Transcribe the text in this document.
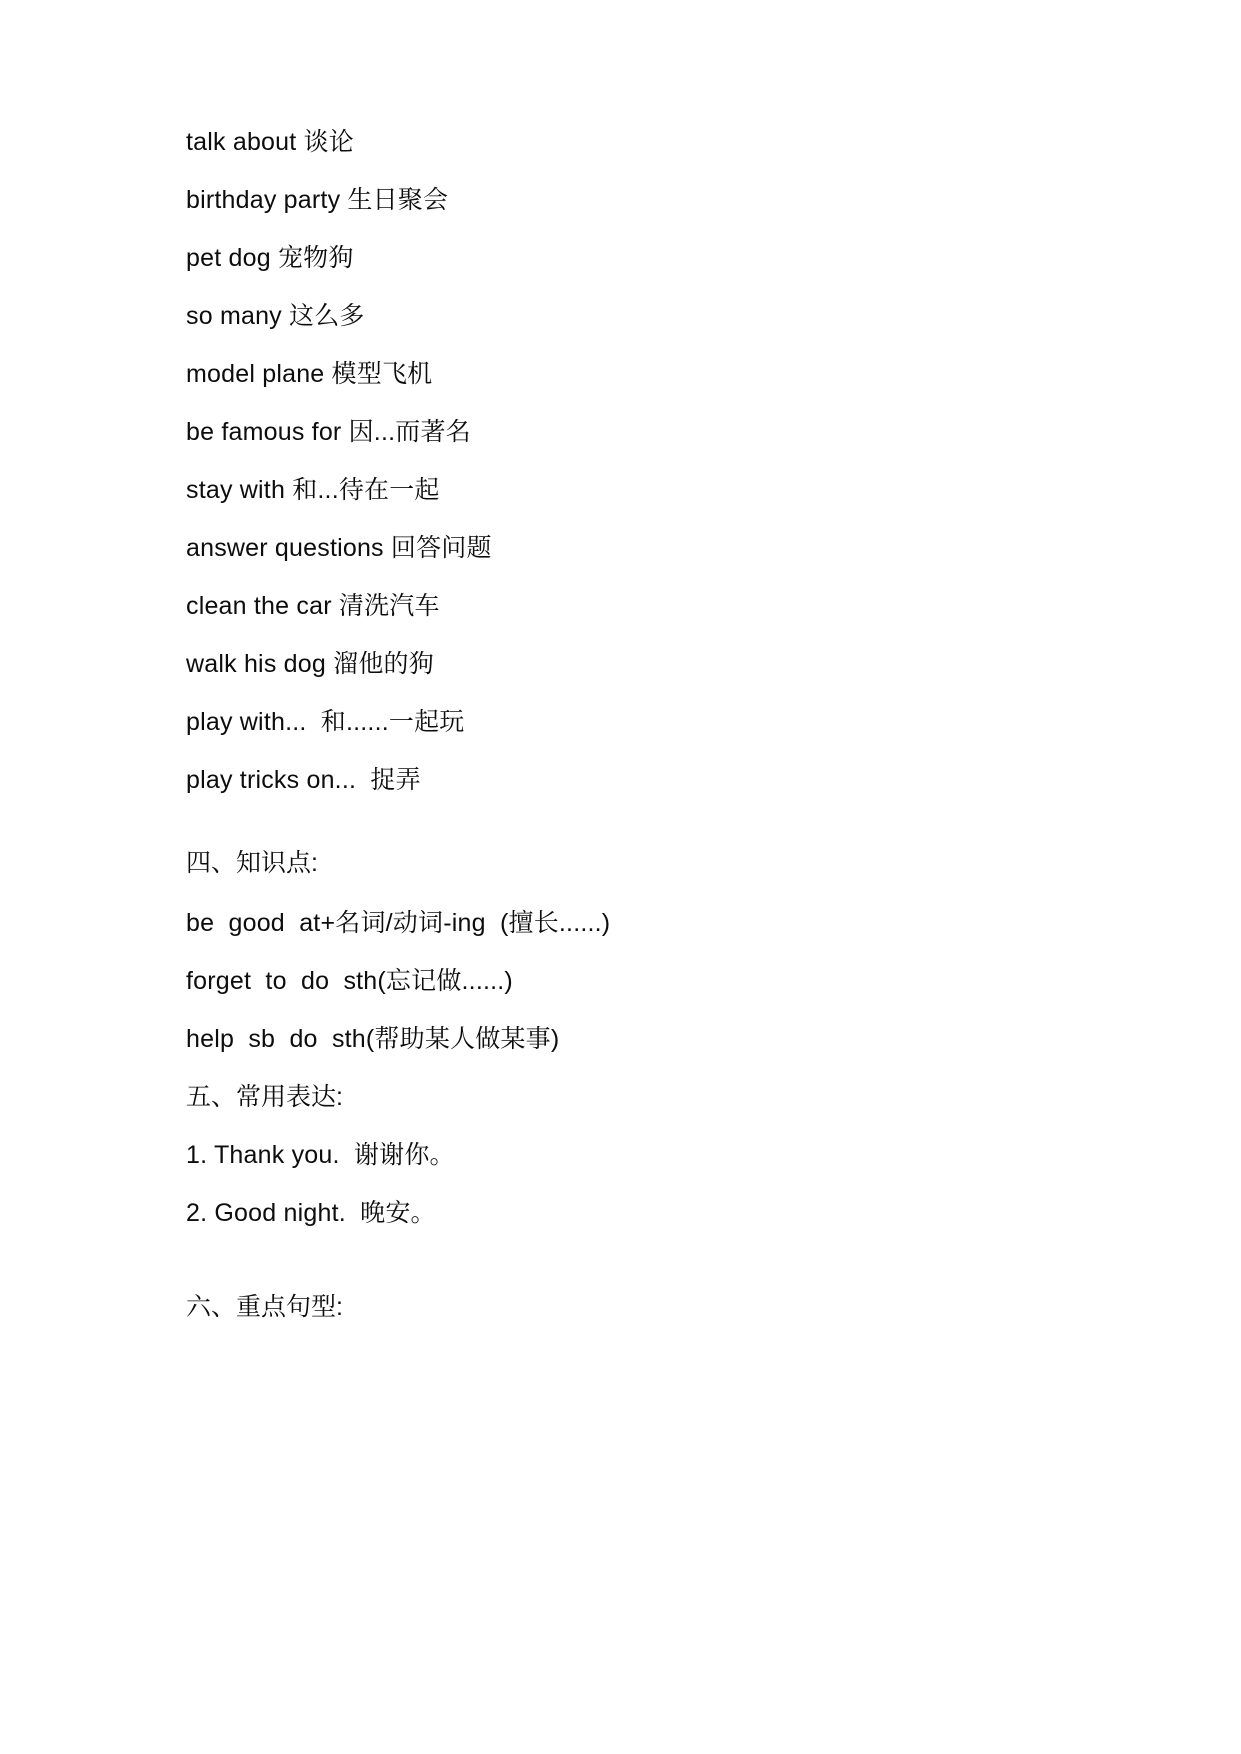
talk about 谈论
birthday party 生日聚会
pet dog 宠物狗
so many 这么多
model plane 模型飞机
be famous for 因...而著名
stay with 和...待在一起
answer questions 回答问题
clean the car 清洗汽车
walk his dog 溜他的狗
play with...  和......一起玩
play tricks on...  捉弄
四、知识点:
be  good  at+名词/动词-ing  (擅长......)
forget  to  do  sth(忘记做......)
help  sb  do  sth(帮助某人做某事)
五、常用表达:
1. Thank you.  谢谢你。
2. Good night.  晚安。
六、重点句型:
